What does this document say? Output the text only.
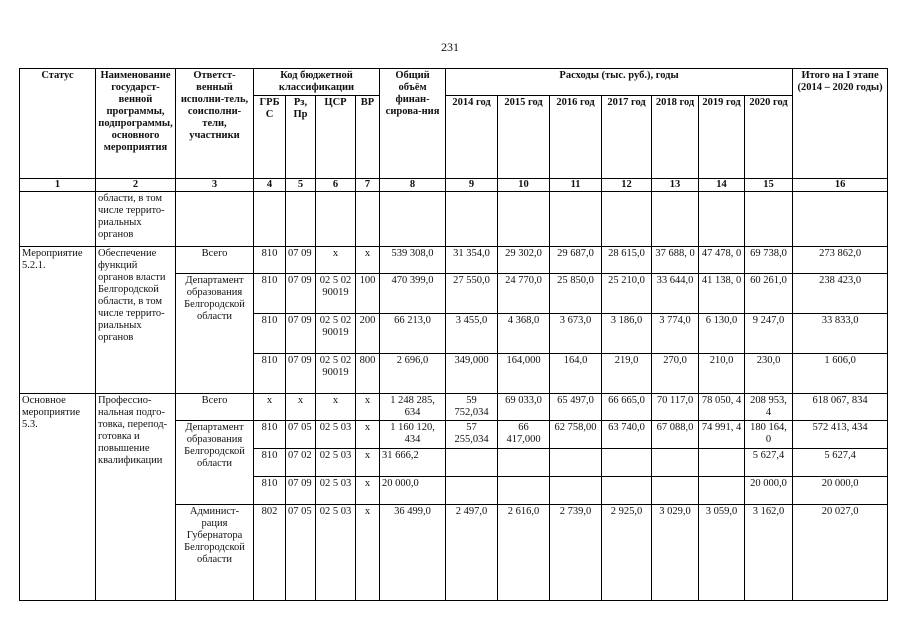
231
Статус	Наименование государст-венной программы, подпрограммы, основного мероприятия	Ответст-венный исполни-тель, соисполни-тели, участники	Код бюджетной классификации				Общий объём финан-сирова-ния	Расходы (тыс. руб.), годы							Итого на I этапе (2014 – 2020 годы)
			ГРБ С	Рз, Пр	ЦСР	ВР		2014 год	2015 год	2016 год	2017 год	2018 год	2019 год	2020 год	
1	2	3	4	5	6	7	8	9	10	11	12	13	14	15	16
	области, в том числе террито-риальных органов														
Мероприятие 5.2.1.	Обеспечение функций органов власти Белгородской области, в том числе террито-риальных органов	Всего	810	07 09	х	х	539 308,0	31 354,0	29 302,0	29 687,0	28 615,0	37 688, 0	47 478, 0	69 738,0	273 862,0
		Департамент образования Белгородской области	810	07 09	02 5 02 90019	100	470 399,0	27 550,0	24 770,0	25 850,0	25 210,0	33 644,0	41 138, 0	60 261,0	238 423,0
			810	07 09	02 5 02 90019	200	66 213,0	3 455,0	4 368,0	3 673,0	3 186,0	3 774,0	6 130,0	9 247,0	33 833,0
			810	07 09	02 5 02 90019	800	2 696,0	349,000	164,000	164,0	219,0	270,0	210,0	230,0	1 606,0
Основное мероприятие 5.3.	Профессио-нальная подго-товка, перепод-готовка и повышение квалификации	Всего	х	х	х	х	1 248 285, 634	59 752,034	69 033,0	65 497,0	66 665,0	70 117,0	78 050, 4	208 953, 4	618 067, 834
		Департамент образования Белгородской области	810	07 05	02 5 03	х	1 160 120, 434	57 255,034	66 417,000	62 758,00	63 740,0	67 088,0	74 991, 4	180 164, 0	572 413, 434
			810	07 02	02 5 03	х	31 666,2							5 627,4	5 627,4
			810	07 09	02 5 03	х	20 000,0							20 000,0	20 000,0
		Админист-рация Губернатора Белгородской области	802	07 05	02 5 03	х	36 499,0	2 497,0	2 616,0	2 739,0	2 925,0	3 029,0	3 059,0	3 162,0	20 027,0
